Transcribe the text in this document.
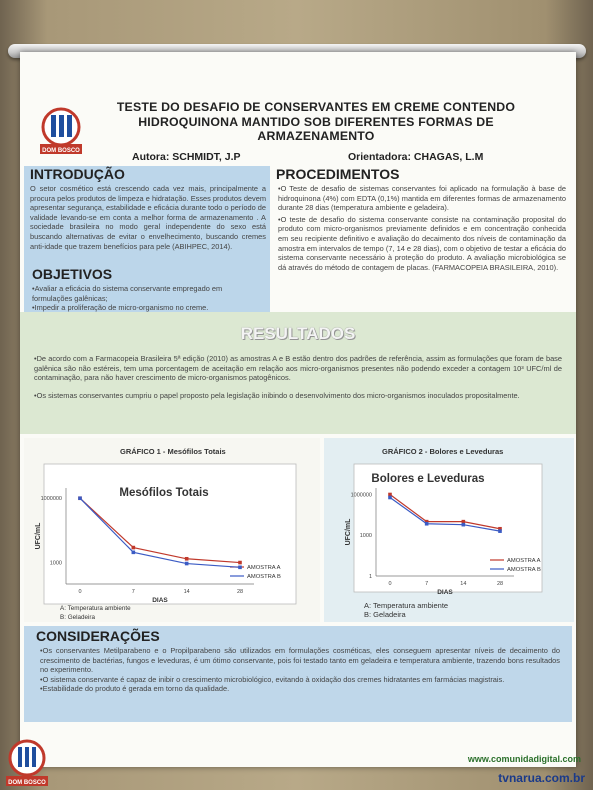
DOM BOSCO
TESTE DO DESAFIO DE CONSERVANTES EM CREME CONTENDO HIDROQUINONA MANTIDO SOB DIFERENTES FORMAS DE ARMAZENAMENTO
Autora: SCHMIDT, J.P	Orientadora: CHAGAS, L.M
INTRODUÇÃO
O setor cosmético está crescendo cada vez mais, principalmente a procura pelos produtos de limpeza e hidratação. Esses produtos devem apresentar segurança, estabilidade e eficácia durante todo o período de validade levando-se em conta a melhor forma de armazenamento . A sociedade brasileira no modo geral independente do sexo está buscando alternativas de evitar o envelhecimento, buscando cremes anti-idade que trazem benefícios para pele (ABIHPEC, 2014).
OBJETIVOS
• Avaliar a eficácia do sistema conservante empregado em formulações galênicas;
• Impedir a proliferação de micro-organismo no creme.
PROCEDIMENTOS
• O Teste de desafio de sistemas conservantes foi aplicado na formulação à base de hidroquinona (4%) com EDTA (0,1%) mantida em diferentes formas de armazenamento durante 28 dias (temperatura ambiente e geladeira).
• O teste de desafio do sistema conservante consiste na contaminação proposital do produto com micro-organismos previamente definidos e em concentração conhecida em seu recipiente definitivo e avaliação do decaimento dos níveis de contaminação da amostra em intervalos de tempo (7, 14 e 28 dias), com o objetivo de testar a eficácia do sistema conservante necessário à proteção do produto. A avaliação microbiológica se dá através do método de contagem de placas. (FARMACOPEIA BRASILEIRA, 2010).
RESULTADOS
• De acordo com a Farmacopeia Brasileira 5ª edição (2010) as amostras A e B estão dentro dos padrões de referência, assim as formulações que foram de base galênica são não estéreis, tem uma porcentagem de aceitação em relação aos micro-organismos presentes não podendo exceder a contagem 10³ UFC/ml de contaminação, para não haver crescimento de micro-organismos patogênicos.
• Os sistemas conservantes cumpriu o papel proposto pela legislação inibindo o desenvolvimento dos micro-organismos inoculados propositalmente.
GRÁFICO 1 - Mesófilos Totais
Mesófilos Totais
UFC/mL
DIAS
1000000
1000
0	7	14	28
AMOSTRA A
AMOSTRA B
A: Temperatura ambiente
B: Geladeira
GRÁFICO 2 - Bolores e Leveduras
Bolores e Leveduras
UFC/mL
DIAS
1000000
1000
1
0	7	14	28
AMOSTRA A
AMOSTRA B
A: Temperatura ambiente
B: Geladeira
CONSIDERAÇÕES
• Os conservantes Metilparabeno e o Propilparabeno são utilizados em formulações cosméticas, eles conseguem apresentar níveis de decaimento do crescimento de bactérias, fungos e leveduras, é um ótimo conservante, pois foi testado tanto em geladeira e temperatura ambiente, trazendo bons resultados no experimento.
• O sistema conservante é capaz de inibir o crescimento microbiológico, evitando à oxidação dos cremes hidratantes em farmácias magistrais.
• Estabilidade do produto é gerada em torno da qualidade.
DOM BOSCO
www.comunidadigital.com
tvnarua.com.br
